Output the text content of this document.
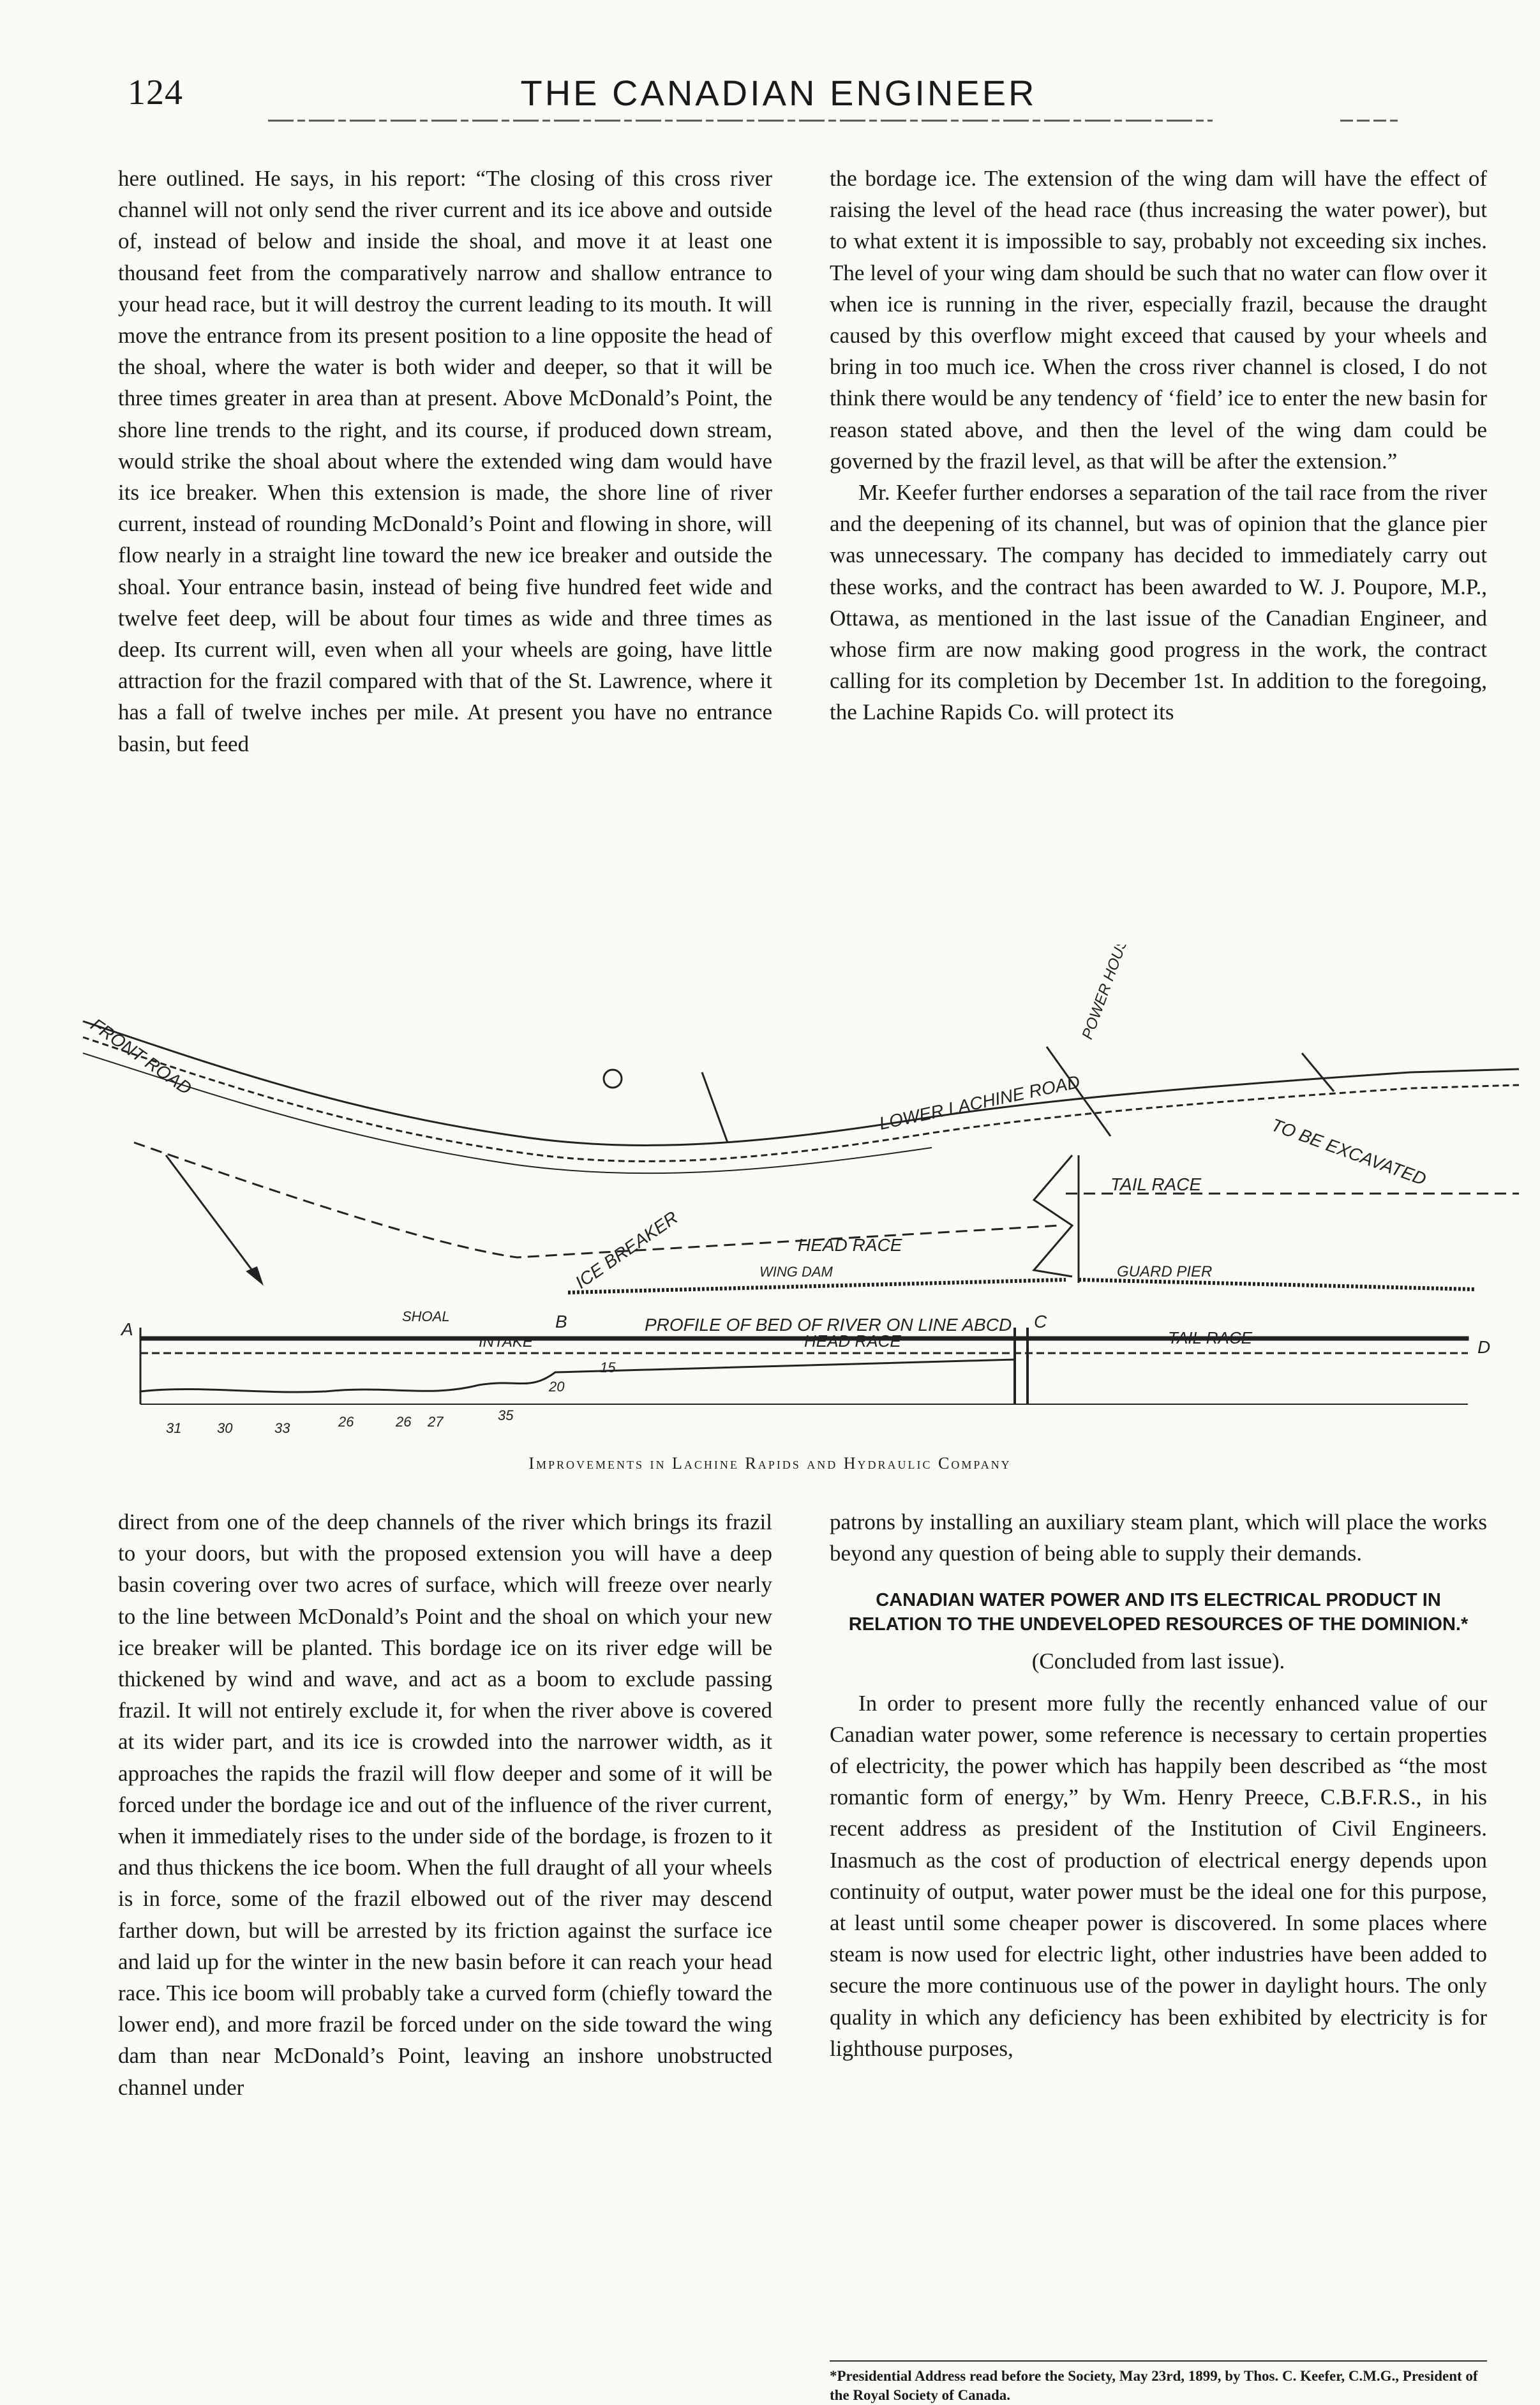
124	THE CANADIAN ENGINEER

here outlined. He says, in his report: “The closing of this cross river channel will not only send the river current and its ice above and outside of, instead of below and inside the shoal, and move it at least one thousand feet from the comparatively narrow and shallow entrance to your head race, but it will destroy the current leading to its mouth. It will move the entrance from its present position to a line opposite the head of the shoal, where the water is both wider and deeper, so that it will be three times greater in area than at present. Above McDonald’s Point, the shore line trends to the right, and its course, if produced down stream, would strike the shoal about where the extended wing dam would have its ice breaker. When this extension is made, the shore line of river current, instead of rounding McDonald’s Point and flowing in shore, will flow nearly in a straight line toward the new ice breaker and outside the shoal. Your entrance basin, instead of being five hundred feet wide and twelve feet deep, will be about four times as wide and three times as deep. Its current will, even when all your wheels are going, have little attraction for the frazil compared with that of the St. Lawrence, where it has a fall of twelve inches per mile. At present you have no entrance basin, but feed

the bordage ice. The extension of the wing dam will have the effect of raising the level of the head race (thus increasing the water power), but to what extent it is impossible to say, probably not exceeding six inches. The level of your wing dam should be such that no water can flow over it when ice is running in the river, especially frazil, because the draught caused by this overflow might exceed that caused by your wheels and bring in too much ice. When the cross river channel is closed, I do not think there would be any tendency of ‘field’ ice to enter the new basin for reason stated above, and then the level of the wing dam could be governed by the frazil level, as that will be after the extension.”

Mr. Keefer further endorses a separation of the tail race from the river and the deepening of its channel, but was of opinion that the glance pier was unnecessary. The company has decided to immediately carry out these works, and the contract has been awarded to W. J. Poupore, M.P., Ottawa, as mentioned in the last issue of the Canadian Engineer, and whose firm are now making good progress in the work, the contract calling for its completion by December 1st. In addition to the foregoing, the Lachine Rapids Co. will protect its

FRONT ROAD
LOWER LACHINE ROAD
POWER HOUSE
TO BE EXCAVATED
TAIL RACE
HEAD RACE
ICE BREAKER	WING DAM	GUARD PIER
SHOAL	PROFILE OF BED OF RIVER ON LINE ABCD
INTAKE	HEAD RACE	TAIL RACE
A	B	C
D
31	30	33	26	26 27	35
20
15
Improvements in Lachine Rapids and Hydraulic Company

direct from one of the deep channels of the river which brings its frazil to your doors, but with the proposed extension you will have a deep basin covering over two acres of surface, which will freeze over nearly to the line between McDonald’s Point and the shoal on which your new ice breaker will be planted. This bordage ice on its river edge will be thickened by wind and wave, and act as a boom to exclude passing frazil. It will not entirely exclude it, for when the river above is covered at its wider part, and its ice is crowded into the narrower width, as it approaches the rapids the frazil will flow deeper and some of it will be forced under the bordage ice and out of the influence of the river current, when it immediately rises to the under side of the bordage, is frozen to it and thus thickens the ice boom. When the full draught of all your wheels is in force, some of the frazil elbowed out of the river may descend farther down, but will be arrested by its friction against the surface ice and laid up for the winter in the new basin before it can reach your head race. This ice boom will probably take a curved form (chiefly toward the lower end), and more frazil be forced under on the side toward the wing dam than near McDonald’s Point, leaving an inshore unobstructed channel under

patrons by installing an auxiliary steam plant, which will place the works beyond any question of being able to supply their demands.

CANADIAN WATER POWER AND ITS ELECTRICAL PRODUCT IN RELATION TO THE UNDEVELOPED RESOURCES OF THE DOMINION.*
(Concluded from last issue).

In order to present more fully the recently enhanced value of our Canadian water power, some reference is necessary to certain properties of electricity, the power which has happily been described as “the most romantic form of energy,” by Wm. Henry Preece, C.B.F.R.S., in his recent address as president of the Institution of Civil Engineers. Inasmuch as the cost of production of electrical energy depends upon continuity of output, water power must be the ideal one for this purpose, at least until some cheaper power is discovered. In some places where steam is now used for electric light, other industries have been added to secure the more continuous use of the power in daylight hours. The only quality in which any deficiency has been exhibited by electricity is for lighthouse purposes,

*Presidential Address read before the Society, May 23rd, 1899, by Thos. C. Keefer, C.M.G., President of the Royal Society of Canada.
